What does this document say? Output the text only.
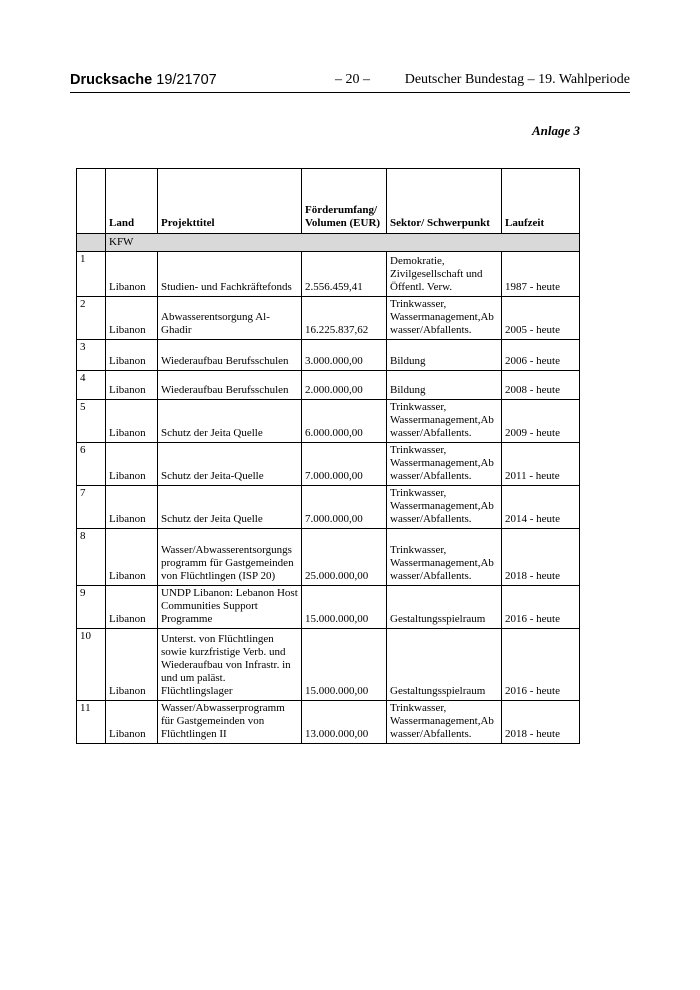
Drucksache 19/21707	– 20 – Deutscher Bundestag – 19. Wahlperiode
Anlage 3
	Land	Projekttitel	Förderumfang/ Volumen (EUR)	Sektor/ Schwerpunkt	Laufzeit
	KFW				
1	Libanon	Studien- und Fachkräftefonds	2.556.459,41	Demokratie, Zivilgesellschaft und Öffentl. Verw.	1987 - heute
2	Libanon	Abwasserentsorgung Al-Ghadir	16.225.837,62	Trinkwasser, Wassermanagement,Ab wasser/Abfallents.	2005 - heute
3	Libanon	Wiederaufbau Berufsschulen	3.000.000,00	Bildung	2006 - heute
4	Libanon	Wiederaufbau Berufsschulen	2.000.000,00	Bildung	2008 - heute
5	Libanon	Schutz der Jeita Quelle	6.000.000,00	Trinkwasser, Wassermanagement,Ab wasser/Abfallents.	2009 - heute
6	Libanon	Schutz der Jeita-Quelle	7.000.000,00	Trinkwasser, Wassermanagement,Ab wasser/Abfallents.	2011 - heute
7	Libanon	Schutz der Jeita Quelle	7.000.000,00	Trinkwasser, Wassermanagement,Ab wasser/Abfallents.	2014 - heute
8	Libanon	Wasser/Abwasserentsorgungs programm für Gastgemeinden von Flüchtlingen (ISP 20)	25.000.000,00	Trinkwasser, Wassermanagement,Ab wasser/Abfallents.	2018 - heute
9	Libanon	UNDP Libanon: Lebanon Host Communities Support Programme	15.000.000,00	Gestaltungsspielraum	2016 - heute
10	Libanon	Unterst. von Flüchtlingen sowie kurzfristige Verb. und Wiederaufbau von Infrastr. in und um paläst. Flüchtlingslager	15.000.000,00	Gestaltungsspielraum	2016 - heute
11	Libanon	Wasser/Abwasserprogramm für Gastgemeinden von Flüchtlingen II	13.000.000,00	Trinkwasser, Wassermanagement,Ab wasser/Abfallents.	2018 - heute
